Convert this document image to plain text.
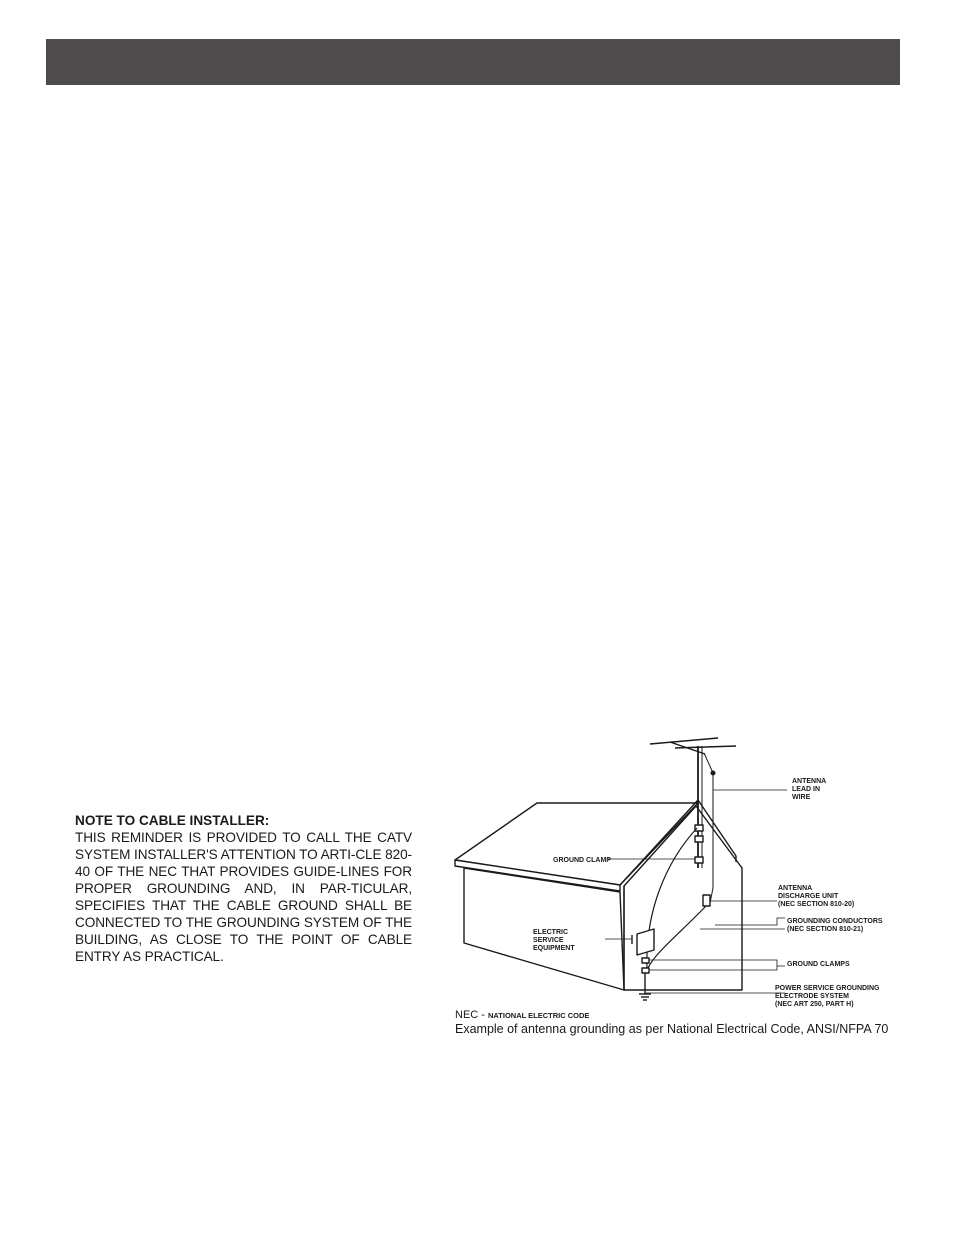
NOTE TO CABLE INSTALLER:
THIS REMINDER IS PROVIDED TO CALL THE CATV SYSTEM INSTALLER'S ATTENTION TO ARTI-CLE 820-40 OF THE NEC THAT PROVIDES GUIDE-LINES FOR PROPER GROUNDING AND, IN PAR-TICULAR, SPECIFIES THAT THE CABLE GROUND SHALL BE CONNECTED TO THE GROUNDING SYSTEM OF THE BUILDING, AS CLOSE TO THE POINT OF CABLE ENTRY AS PRACTICAL.
ANTENNA
LEAD IN
WIRE
GROUND CLAMP
ANTENNA
DISCHARGE UNIT
(NEC SECTION 810-20)
GROUNDING CONDUCTORS
(NEC SECTION 810-21)
ELECTRIC
SERVICE
EQUIPMENT
GROUND CLAMPS
POWER SERVICE GROUNDING
ELECTRODE SYSTEM
(NEC ART 250, PART H)
NEC - NATIONAL ELECTRIC CODE
Example of antenna grounding as per National Electrical Code, ANSI/NFPA 70
